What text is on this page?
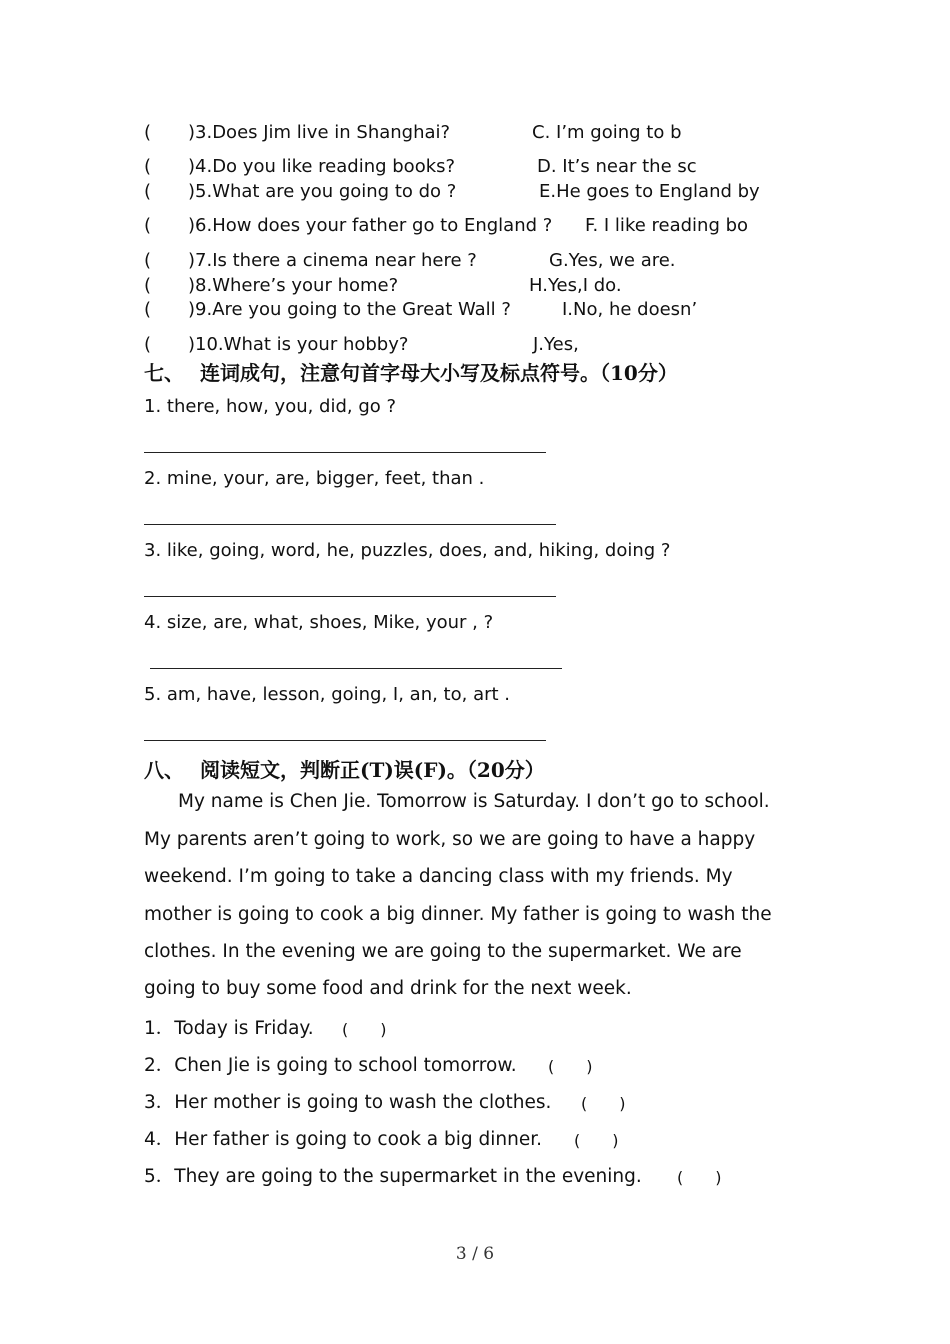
( )3.Does Jim live in Shanghai?	C. I’m going to b
( )4.Do you like reading books?	D. It’s near the sc
( )5.What are you going to do ?	E.He goes to England by
( )6.How does your father go to England ? F. I like reading bo
( )7.Is there a cinema near here ?	G.Yes, we are.
( )8.Where’s your home?	H.Yes,I do.
( )9.Are you going to the Great Wall ?	I.No, he doesn’
( )10.What is your hobby?	J.Yes,
七、 连词成句，注意句首字母大小写及标点符号。（10分）
1. there, how, you, did, go ?
2. mine, your, are, bigger, feet, than .
3. like, going, word, he, puzzles, does, and, hiking, doing ?
4. size, are, what, shoes, Mike, your , ?
5. am, have, lesson, going, I, an, to, art .
八、 阅读短文，判断正(T)误(F)。（20分）
My name is Chen Jie. Tomorrow is Saturday. I don’t go to school.
My parents aren’t going to work, so we are going to have a happy
weekend. I’m going to take a dancing class with my friends. My
mother is going to cook a big dinner. My father is going to wash the
clothes. In the evening we are going to the supermarket. We are
going to buy some food and drink for the next week.
1．Today is Friday. (　　)
2．Chen Jie is going to school tomorrow. (　　)
3．Her mother is going to wash the clothes. (　　)
4．Her father is going to cook a big dinner. (　　)
5．They are going to the supermarket in the evening. (　　)
3 / 6
